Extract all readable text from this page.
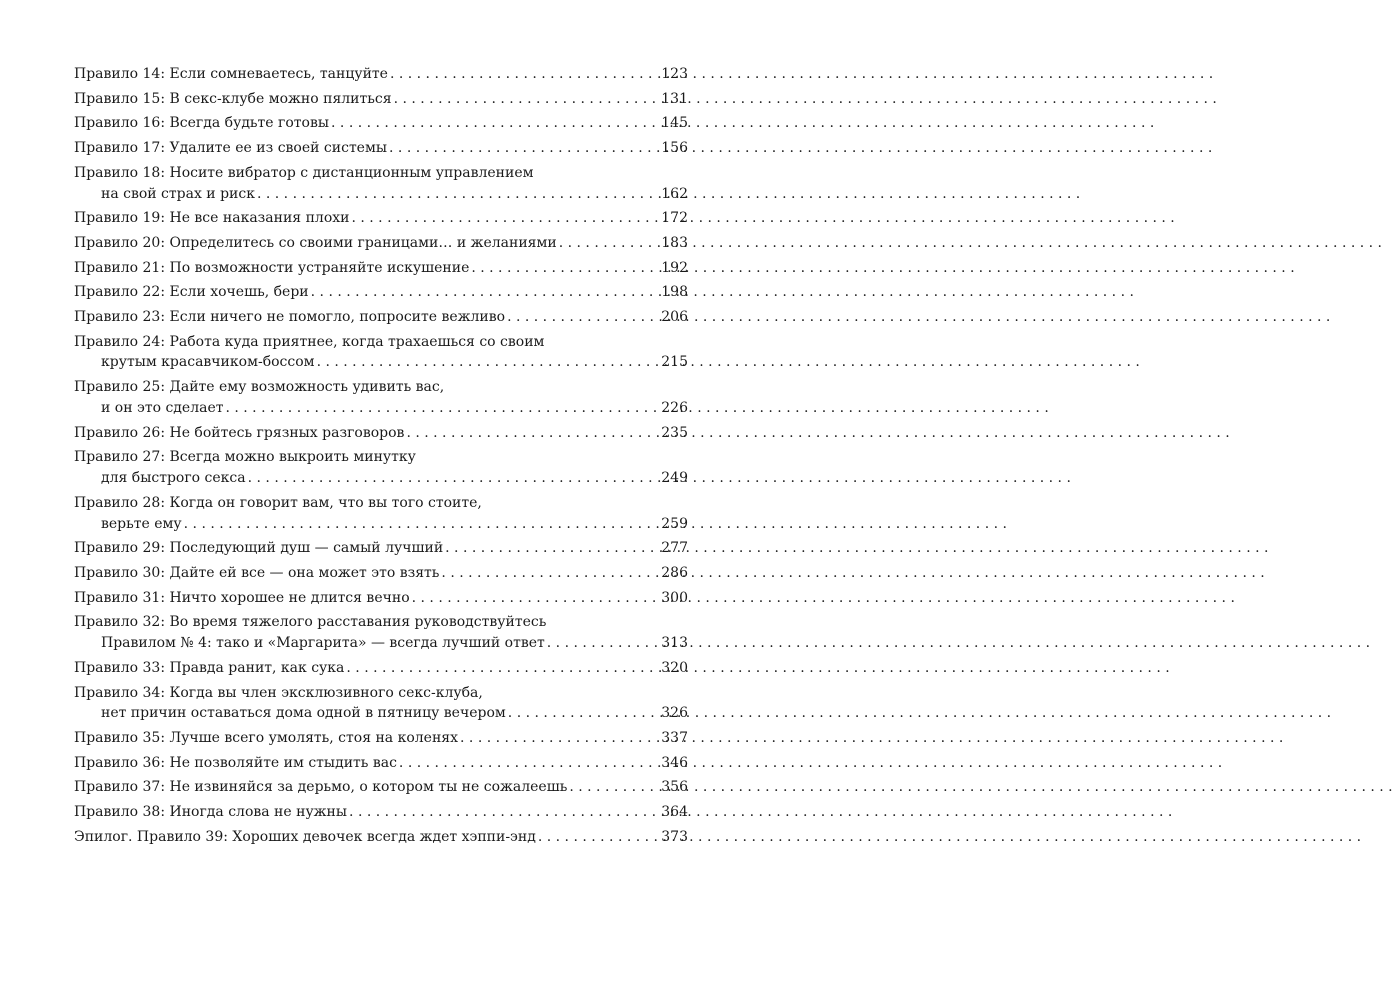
Правило 14: Если сомневаетесь, танцуйте . . .	123
Правило 15: В секс-клубе можно пялиться . . .	131
Правило 16: Всегда будьте готовы . . .	145
Правило 17: Удалите ее из своей системы . . .	156
Правило 18: Носите вибратор с дистанционным управлением
на свой страх и риск . . .	162
Правило 19: Не все наказания плохи . . .	172
Правило 20: Определитесь со своими границами… и желаниями . . .	183
Правило 21: По возможности устраняйте искушение . . .	192
Правило 22: Если хочешь, бери . . .	198
Правило 23: Если ничего не помогло, попросите вежливо . . .	206
Правило 24: Работа куда приятнее, когда трахаешься со своим
крутым красавчиком-боссом . . .	215
Правило 25: Дайте ему возможность удивить вас,
и он это сделает . . .	226
Правило 26: Не бойтесь грязных разговоров . . .	235
Правило 27: Всегда можно выкроить минутку
для быстрого секса . . .	249
Правило 28: Когда он говорит вам, что вы того стоите,
верьте ему . . .	259
Правило 29: Последующий душ — самый лучший . . .	277
Правило 30: Дайте ей все — она может это взять . . .	286
Правило 31: Ничто хорошее не длится вечно . . .	300
Правило 32: Во время тяжелого расставания руководствуйтесь
Правилом № 4: тако и «Маргарита» — всегда лучший ответ . . .	313
Правило 33: Правда ранит, как сука . . .	320
Правило 34: Когда вы член эксклюзивного секс-клуба,
нет причин оставаться дома одной в пятницу вечером . . .	326
Правило 35: Лучше всего умолять, стоя на коленях . . .	337
Правило 36: Не позволяйте им стыдить вас . . .	346
Правило 37: Не извиняйся за дерьмо, о котором ты не сожалеешь . . .	356
Правило 38: Иногда слова не нужны . . .	364
Эпилог. Правило 39: Хороших девочек всегда ждет хэппи-энд . . .	373
